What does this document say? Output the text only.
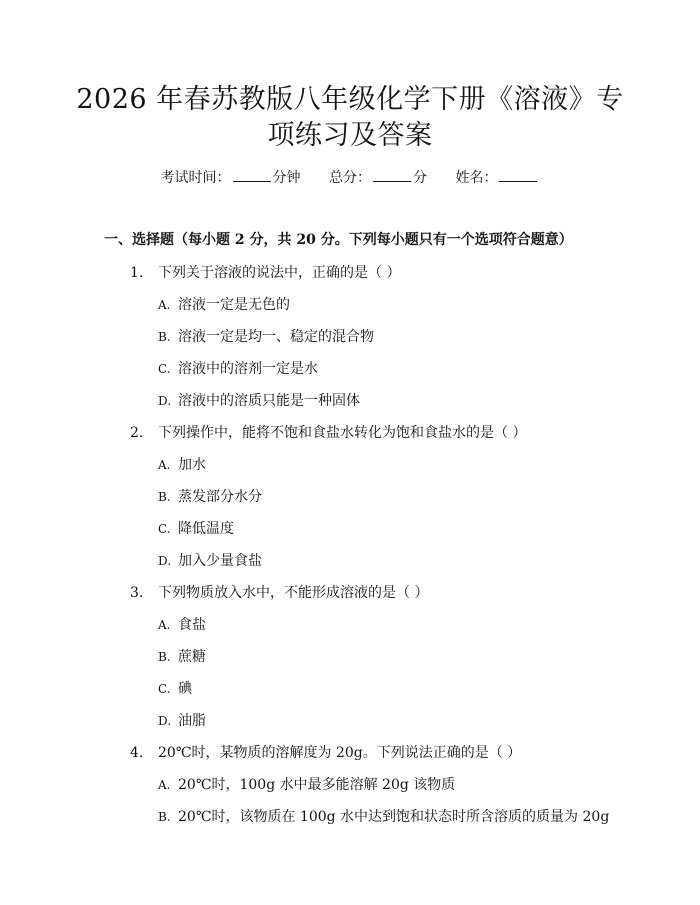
2026 年春苏教版八年级化学下册《溶液》专
项练习及答案
考试时间：	分钟 总分：	分 姓名：
一、选择题（每小题 2 分，共 20 分。下列每小题只有一个选项符合题意）
1. 下列关于溶液的说法中，正确的是（ ）
A. 溶液一定是无色的
B. 溶液一定是均一、稳定的混合物
C. 溶液中的溶剂一定是水
D. 溶液中的溶质只能是一种固体
2. 下列操作中，能将不饱和食盐水转化为饱和食盐水的是（ ）
A. 加水
B. 蒸发部分水分
C. 降低温度
D. 加入少量食盐
3. 下列物质放入水中，不能形成溶液的是（ ）
A. 食盐
B. 蔗糖
C. 碘
D. 油脂
4. 20℃时，某物质的溶解度为 20g。下列说法正确的是（ ）
A. 20℃时，100g 水中最多能溶解 20g 该物质
B. 20℃时，该物质在 100g 水中达到饱和状态时所含溶质的质量为 20g
